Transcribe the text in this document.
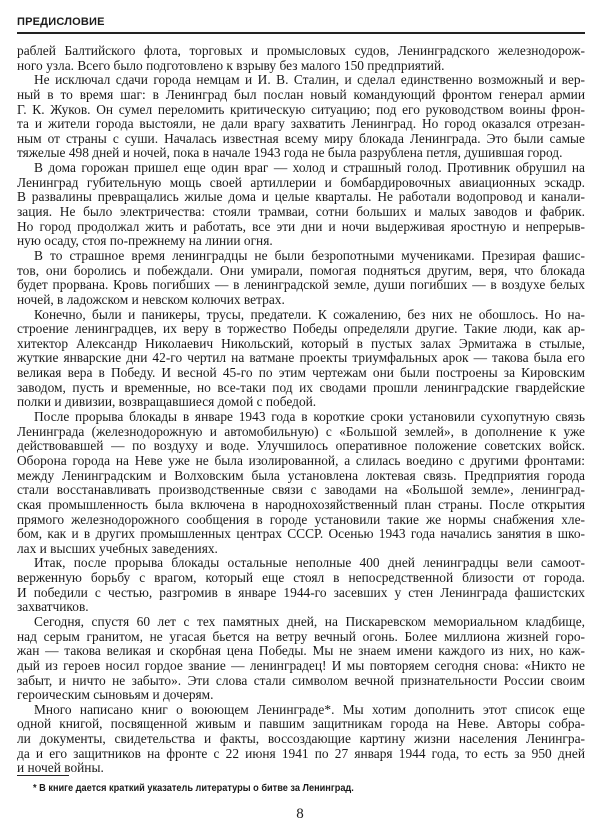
ПРЕДИСЛОВИЕ
раблей Балтийского флота, торговых и промысловых судов, Ленинградского железнодорож-
ного узла. Всего было подготовлено к взрыву без малого 150 предприятий.
Не исключал сдачи города немцам и И. В. Сталин, и сделал единственно возможный и вер-
ный в то время шаг: в Ленинград был послан новый командующий фронтом генерал армии
Г. К. Жуков. Он сумел переломить критическую ситуацию; под его руководством воины фрон-
та и жители города выстояли, не дали врагу захватить Ленинград. Но город оказался отрезан-
ным от страны с суши. Началась известная всему миру блокада Ленинграда. Это были самые
тяжелые 498 дней и ночей, пока в начале 1943 года не была разрублена петля, душившая город.
В дома горожан пришел еще один враг — холод и страшный голод. Противник обрушил на
Ленинград губительную мощь своей артиллерии и бомбардировочных авиационных эскадр.
В развалины превращались жилые дома и целые кварталы. Не работали водопровод и канали-
зация. Не было электричества: стояли трамваи, сотни больших и малых заводов и фабрик.
Но город продолжал жить и работать, все эти дни и ночи выдерживая яростную и непрерыв-
ную осаду, стоя по-прежнему на линии огня.
В то страшное время ленинградцы не были безропотными мучениками. Презирая фашис-
тов, они боролись и побеждали. Они умирали, помогая подняться другим, веря, что блокада
будет прорвана. Кровь погибших — в ленинградской земле, души погибших — в воздухе белых
ночей, в ладожском и невском колючих ветрах.
Конечно, были и паникеры, трусы, предатели. К сожалению, без них не обошлось. Но на-
строение ленинградцев, их веру в торжество Победы определяли другие. Такие люди, как ар-
хитектор Александр Николаевич Никольский, который в пустых залах Эрмитажа в стылые,
жуткие январские дни 42-го чертил на ватмане проекты триумфальных арок — такова была его
великая вера в Победу. И весной 45-го по этим чертежам они были построены за Кировским
заводом, пусть и временные, но все-таки под их сводами прошли ленинградские гвардейские
полки и дивизии, возвращавшиеся домой с победой.
После прорыва блокады в январе 1943 года в короткие сроки установили сухопутную связь
Ленинграда (железнодорожную и автомобильную) с «Большой землей», в дополнение к уже
действовавшей — по воздуху и воде. Улучшилось оперативное положение советских войск.
Оборона города на Неве уже не была изолированной, а слилась воедино с другими фронтами:
между Ленинградским и Волховским была установлена локтевая связь. Предприятия города
стали восстанавливать производственные связи с заводами на «Большой земле», ленинград-
ская промышленность была включена в народнохозяйственный план страны. После открытия
прямого железнодорожного сообщения в городе установили такие же нормы снабжения хле-
бом, как и в других промышленных центрах СССР. Осенью 1943 года начались занятия в шко-
лах и высших учебных заведениях.
Итак, после прорыва блокады остальные неполные 400 дней ленинградцы вели самоот-
верженную борьбу с врагом, который еще стоял в непосредственной близости от города.
И победили с честью, разгромив в январе 1944-го засевших у стен Ленинграда фашистских
захватчиков.
Сегодня, спустя 60 лет с тех памятных дней, на Пискаревском мемориальном кладбище,
над серым гранитом, не угасая бьется на ветру вечный огонь. Более миллиона жизней горо-
жан — такова великая и скорбная цена Победы. Мы не знаем имени каждого из них, но каж-
дый из героев носил гордое звание — ленинградец! И мы повторяем сегодня снова: «Никто не
забыт, и ничто не забыто». Эти слова стали символом вечной признательности России своим
героическим сыновьям и дочерям.
Много написано книг о воюющем Ленинграде*. Мы хотим дополнить этот список еще
одной книгой, посвященной живым и павшим защитникам города на Неве. Авторы собра-
ли документы, свидетельства и факты, воссоздающие картину жизни населения Ленингра-
да и его защитников на фронте с 22 июня 1941 по 27 января 1944 года, то есть за 950 дней
и ночей войны.
* В книге дается краткий указатель литературы о битве за Ленинград.
8
